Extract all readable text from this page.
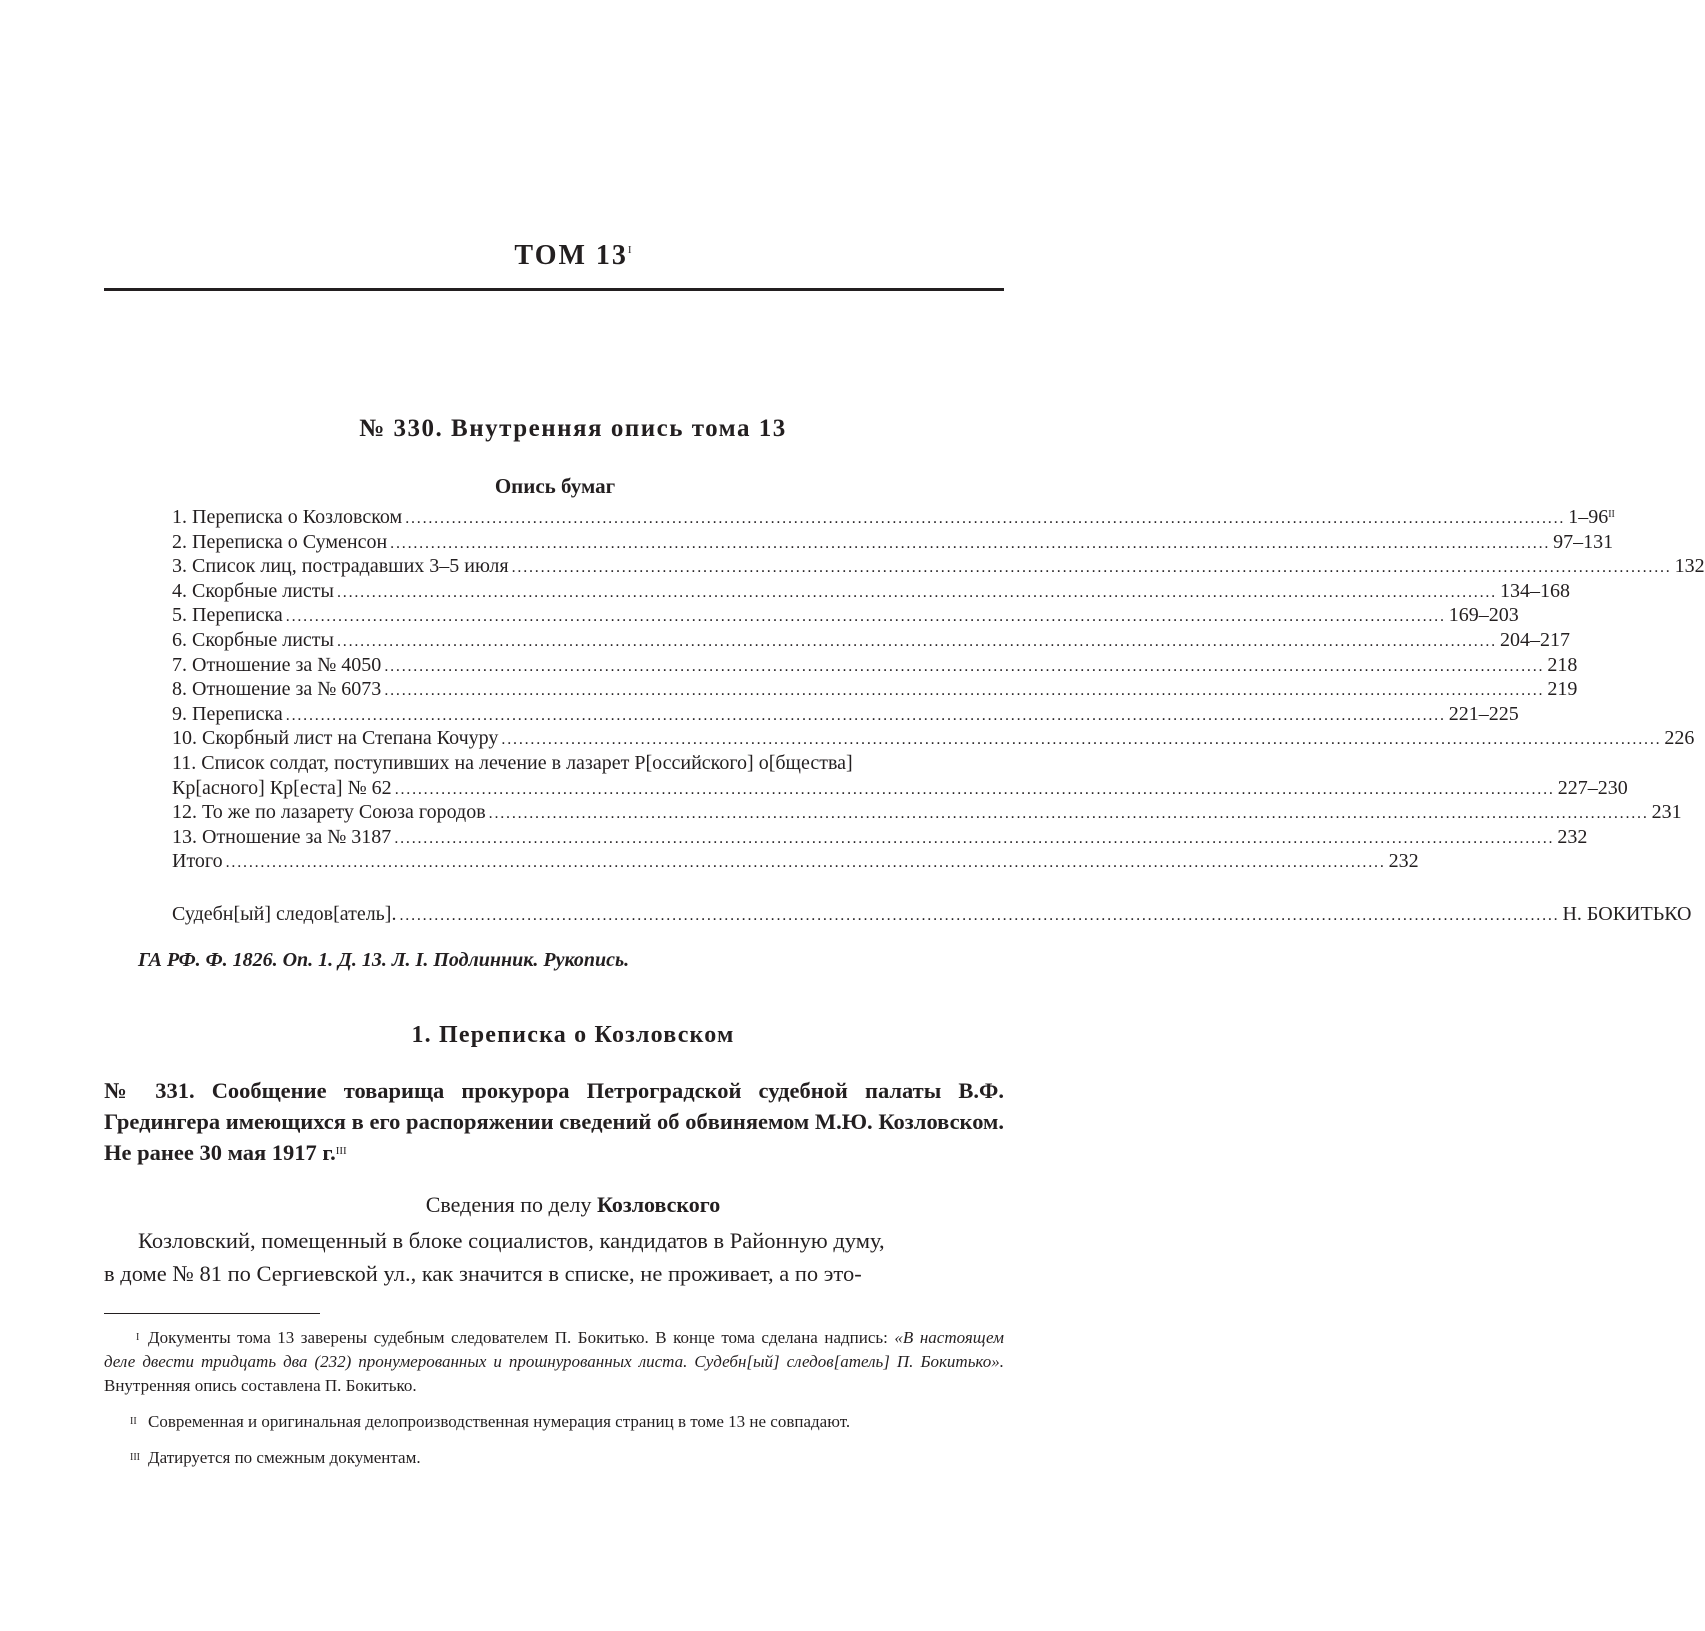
ТОМ $13^I$
№ 330. Внутренняя опись тома 13
Опись бумаг
1. Переписка о Козловском ........................................................................................................................................................................................................ $1-96^{II}$
2. Переписка о Суменсон ........................................................................................................................................................................................................ 97–131
3. Список лиц, пострадавших 3–5 июля ........................................................................................................................................................................................................ 132
4. Скорбные листы ........................................................................................................................................................................................................ 134–168
5. Переписка ........................................................................................................................................................................................................ 169–203
6. Скорбные листы ........................................................................................................................................................................................................ 204–217
7. Отношение за № 4050 ........................................................................................................................................................................................................ 218
8. Отношение за № 6073 ........................................................................................................................................................................................................ 219
9. Переписка ........................................................................................................................................................................................................ 221–225
10. Скорбный лист на Степана Кочуру ........................................................................................................................................................................................................ 226
11. Список солдат, поступивших на лечение в лазарет Р[оссийского] о[бщества]
Кр[асного] Кр[еста] № 62 ........................................................................................................................................................................................................ 227–230
12. То же по лазарету Союза городов ........................................................................................................................................................................................................ 231
13. Отношение за № 3187 ........................................................................................................................................................................................................ 232
Итого ........................................................................................................................................................................................................ 232
Судебн[ый] следов[атель]. ........................................................................................................................................................................................................ Н. БОКИТЬКО
ГА РФ. Ф. 1826. Оп. 1. Д. 13. Л. I. Подлинник. Рукопись.
1. Переписка о Козловском
№ 331. Сообщение товарища прокурора Петроградской судебной палаты В.Ф. Гредингера имеющихся в его распоряжении сведений об обвиняемом М.Ю. Козловском. Не ранее 30 мая 1917 г.$^{III}$
Сведения по делу Козловского
Козловский, помещенный в блоке социалистов, кандидатов в Районную думу,
в доме № 81 по Сергиевской ул., как значится в списке, не проживает, а по это-
I Документы тома 13 заверены судебным следователем П. Бокитько. В конце тома сделана надпись: «В настоящем деле двести тридцать два (232) пронумерованных и прошнурованных листа. Судебн[ый] следов[атель] П. Бокитько». Внутренняя опись составлена П. Бокитько.
II Современная и оригинальная делопроизводственная нумерация страниц в томе 13 не совпадают.
III Датируется по смежным документам.
